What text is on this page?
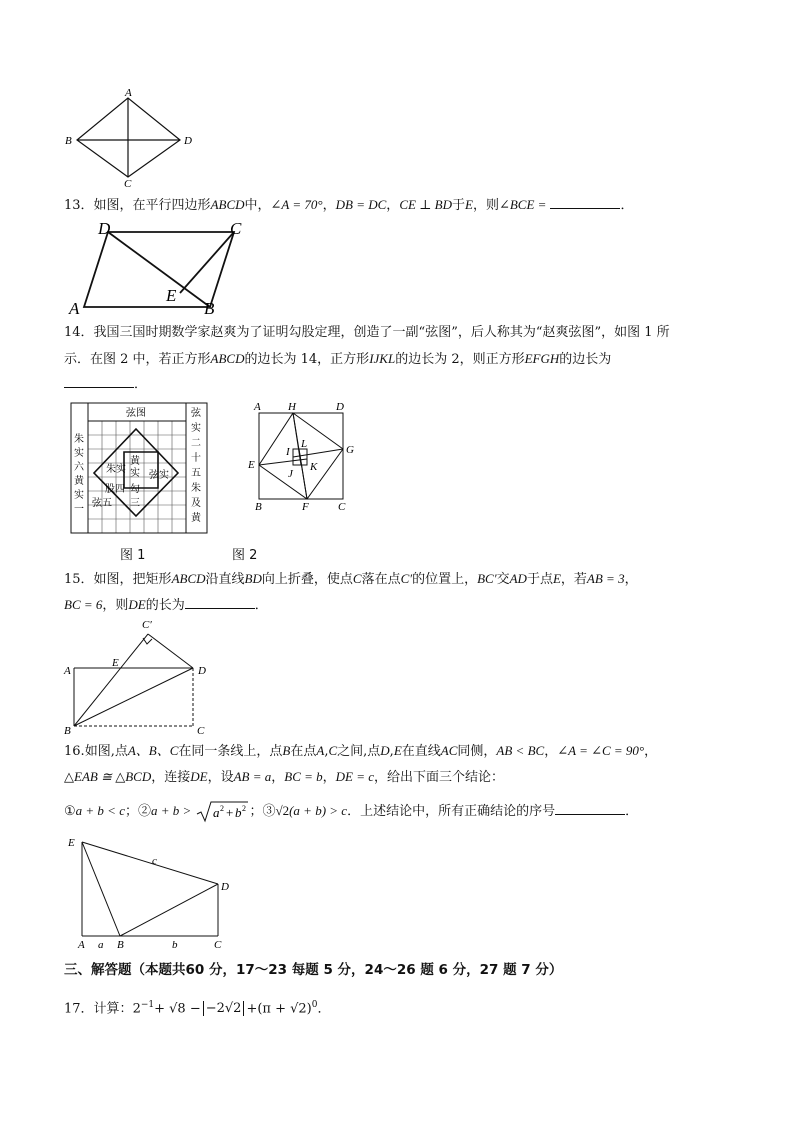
A
B
C
D
13．如图，在平行四边形ABCD中，∠A = 70°，DB = DC，CE ⊥ BD于E，则∠BCE =	．
D	C
A
E
B
14．我国三国时期数学家赵爽为了证明勾股定理，创造了一副“弦图”，后人称其为“赵爽弦图”，如图 1 所
示．在图 2 中，若正方形ABCD的边长为 14，正方形IJKL的边长为 2，则正方形EFGH的边长为
．
弦图
朱
实
六
黄
实
一
弦
实
二
十
五
朱
及
黄
黄
朱实 实 弦实
股四 勾
弦五 三
图 1
A H	D
I
L	G
E
J
K
B	F	C
图 2
15．如图，把矩形ABCD沿直线BD向上折叠，使点C落在点C′的位置上，BC′交AD于点E，若AB = 3，
BC = 6，则DE的长为	．
C′
E
A	D
B	C
16.如图,点A、B、C在同一条线上，点B在点A,C之间,点D,E在直线AC同侧，AB < BC，∠A = ∠C = 90°，
△EAB ≅ △BCD，连接DE，设AB = a，BC = b，DE = c，给出下面三个结论：
①a + b < c；②a + b > a 2 + b 2 ；③√2(a + b) > c．上述结论中，所有正确结论的序号	．
E
c
D
A a B	b	C
三、解答题（本题共60 分，17～23 每题 5 分，24～26 题 6 分，27 题 7 分）
17．计算：$2^{-1}+ √8 - -2√2 +(\pi + √2)^0$．
